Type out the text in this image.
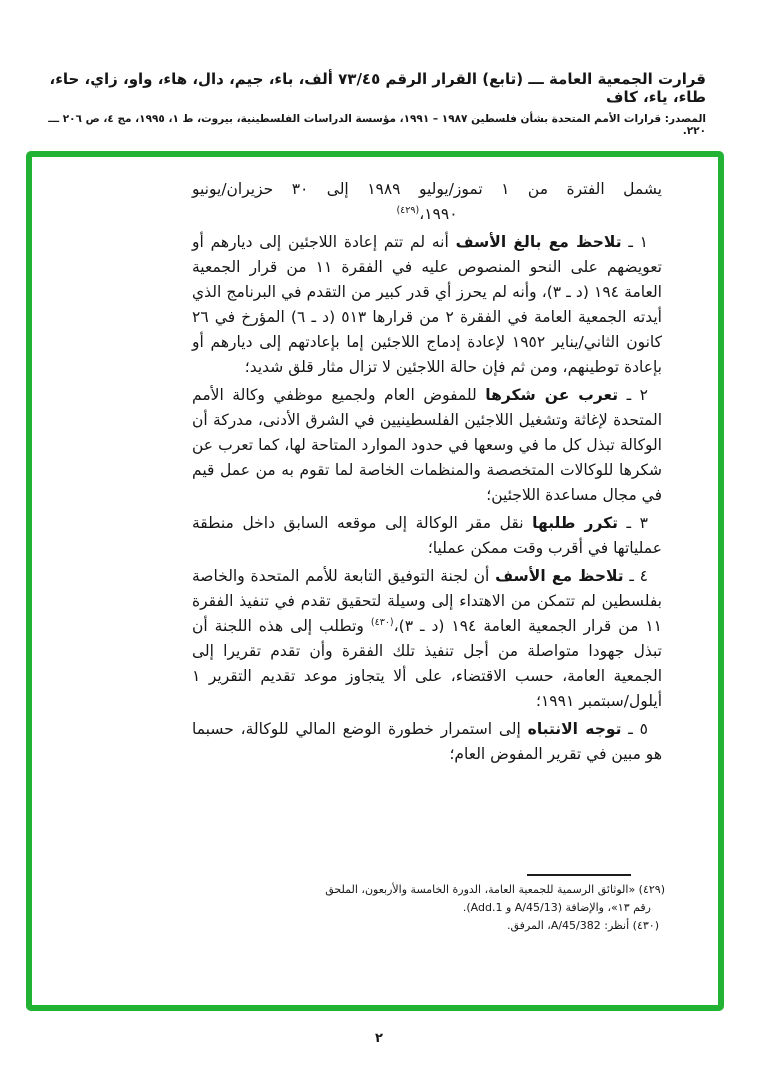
قرارت الجمعية العامة ـــ (تابع) القرار الرقم ٧٣/٤٥ ألف، باء، جيم، دال، هاء، واو، زاي، حاء، طاء، ياء، كاف
المصدر: قرارات الأمم المتحدة بشأن فلسطين ١٩٨٧ – ١٩٩١، مؤسسة الدراسات الفلسطينية، بيروت، ط ١، ١٩٩٥، مج ٤، ص ٢٠٦ ـــ ٢٢٠.

يشمل الفترة من ١ تموز/يوليو ١٩٨٩ إلى ٣٠ حزيران/يونيو

١٩٩٠،$^{(٤٢٩)}$

١ ـ تلاحظ مع بالغ الأسف أنه لم تتم إعادة اللاجئين إلى ديارهم أو تعويضهم على النحو المنصوص عليه في الفقرة ١١ من قرار الجمعية العامة ١٩٤ (د ـ ٣)، وأنه لم يحرز أي قدر كبير من التقدم في البرنامج الذي أيدته الجمعية العامة في الفقرة ٢ من قرارها ٥١٣ (د ـ ٦) المؤرخ في ٢٦ كانون الثاني/يناير ١٩٥٢ لإعادة إدماج اللاجئين إما بإعادتهم إلى ديارهم أو بإعادة توطينهم، ومن ثم فإن حالة اللاجئين لا تزال مثار قلق شديد؛

٢ ـ تعرب عن شكرها للمفوض العام ولجميع موظفي وكالة الأمم المتحدة لإغاثة وتشغيل اللاجئين الفلسطينيين في الشرق الأدنى، مدركة أن الوكالة تبذل كل ما في وسعها في حدود الموارد المتاحة لها، كما تعرب عن شكرها للوكالات المتخصصة والمنظمات الخاصة لما تقوم به من عمل قيم في مجال مساعدة اللاجئين؛

٣ ـ تكرر طلبها نقل مقر الوكالة إلى موقعه السابق داخل منطقة عملياتها في أقرب وقت ممكن عمليا؛

٤ ـ تلاحظ مع الأسف أن لجنة التوفيق التابعة للأمم المتحدة والخاصة بفلسطين لم تتمكن من الاهتداء إلى وسيلة لتحقيق تقدم في تنفيذ الفقرة ١١ من قرار الجمعية العامة ١٩٤ (د ـ ٣)،$^{(٤٣٠)}$ وتطلب إلى هذه اللجنة أن تبذل جهودا متواصلة من أجل تنفيذ تلك الفقرة وأن تقدم تقريرا إلى الجمعية العامة، حسب الاقتضاء، على ألا يتجاوز موعد تقديم التقرير ١ أيلول/سبتمبر ١٩٩١؛

٥ ـ توجه الانتباه إلى استمرار خطورة الوضع المالي للوكالة، حسبما هو مبين في تقرير المفوض العام؛

(٤٢٩) «الوثائق الرسمية للجمعية العامة، الدورة الخامسة والأربعون، الملحق
رقم ١٣»، والإضافة (A/45/13 و Add.1).
(٤٣٠) أنظر: A/45/382، المرفق.
٢
